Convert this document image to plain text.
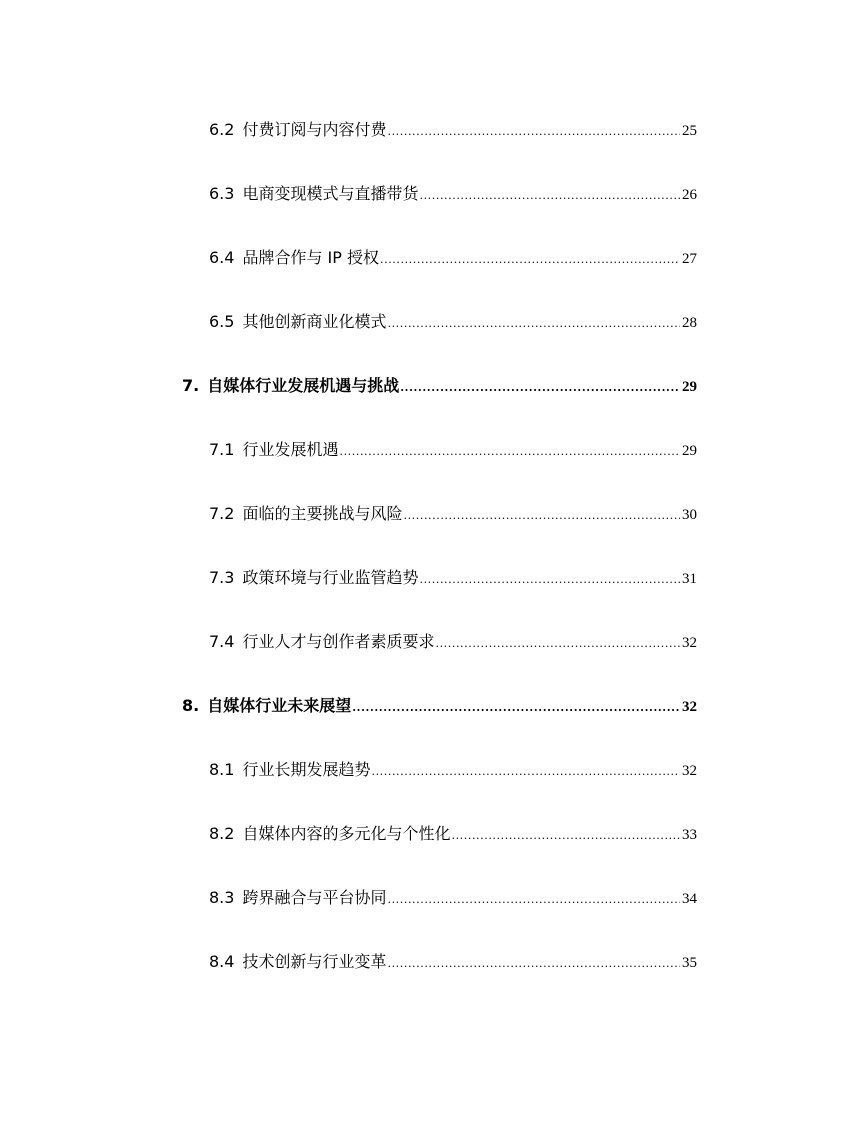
6.2 付费订阅与内容付费 .....	25
6.3 电商变现模式与直播带货 .....	26
6.4 品牌合作与 IP 授权 .....	27
6.5 其他创新商业化模式 .....	28
7. 自媒体行业发展机遇与挑战 .....	29
7.1 行业发展机遇 .....	29
7.2 面临的主要挑战与风险 .....	30
7.3 政策环境与行业监管趋势 .....	31
7.4 行业人才与创作者素质要求 .....	32
8. 自媒体行业未来展望 .....	32
8.1 行业长期发展趋势 .....	32
8.2 自媒体内容的多元化与个性化 .....	33
8.3 跨界融合与平台协同 .....	34
8.4 技术创新与行业变革 .....	35
